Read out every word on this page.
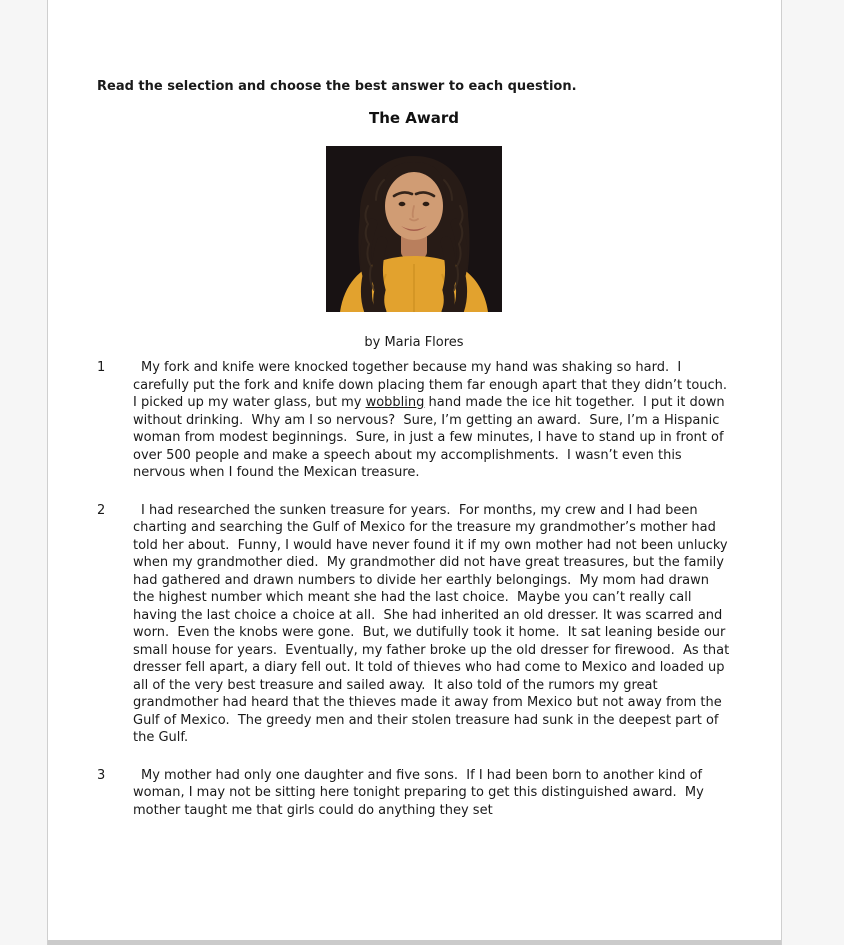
Read the selection and choose the best answer to each question.
The Award
by Maria Flores
1	My fork and knife were knocked together because my hand was shaking so hard.  I carefully put the fork and knife down placing them far enough apart that they didn’t touch.  I picked up my water glass, but my wobbling hand made the ice hit together.  I put it down without drinking.  Why am I so nervous?  Sure, I’m getting an award.  Sure, I’m a Hispanic woman from modest beginnings.  Sure, in just a few minutes, I have to stand up in front of over 500 people and make a speech about my accomplishments.  I wasn’t even this nervous when I found the Mexican treasure.
2	I had researched the sunken treasure for years.  For months, my crew and I had been charting and searching the Gulf of Mexico for the treasure my grandmother’s mother had told her about.  Funny, I would have never found it if my own mother had not been unlucky when my grandmother died.  My grandmother did not have great treasures, but the family had gathered and drawn numbers to divide her earthly belongings.  My mom had drawn the highest number which meant she had the last choice.  Maybe you can’t really call having the last choice a choice at all.  She had inherited an old dresser. It was scarred and worn.  Even the knobs were gone.  But, we dutifully took it home.  It sat leaning beside our small house for years.  Eventually, my father broke up the old dresser for firewood.  As that dresser fell apart, a diary fell out. It told of thieves who had come to Mexico and loaded up all of the very best treasure and sailed away.  It also told of the rumors my great grandmother had heard that the thieves made it away from Mexico but not away from the Gulf of Mexico.  The greedy men and their stolen treasure had sunk in the deepest part of the Gulf.
3	My mother had only one daughter and five sons.  If I had been born to another kind of woman, I may not be sitting here tonight preparing to get this distinguished award.  My mother taught me that girls could do anything they set
